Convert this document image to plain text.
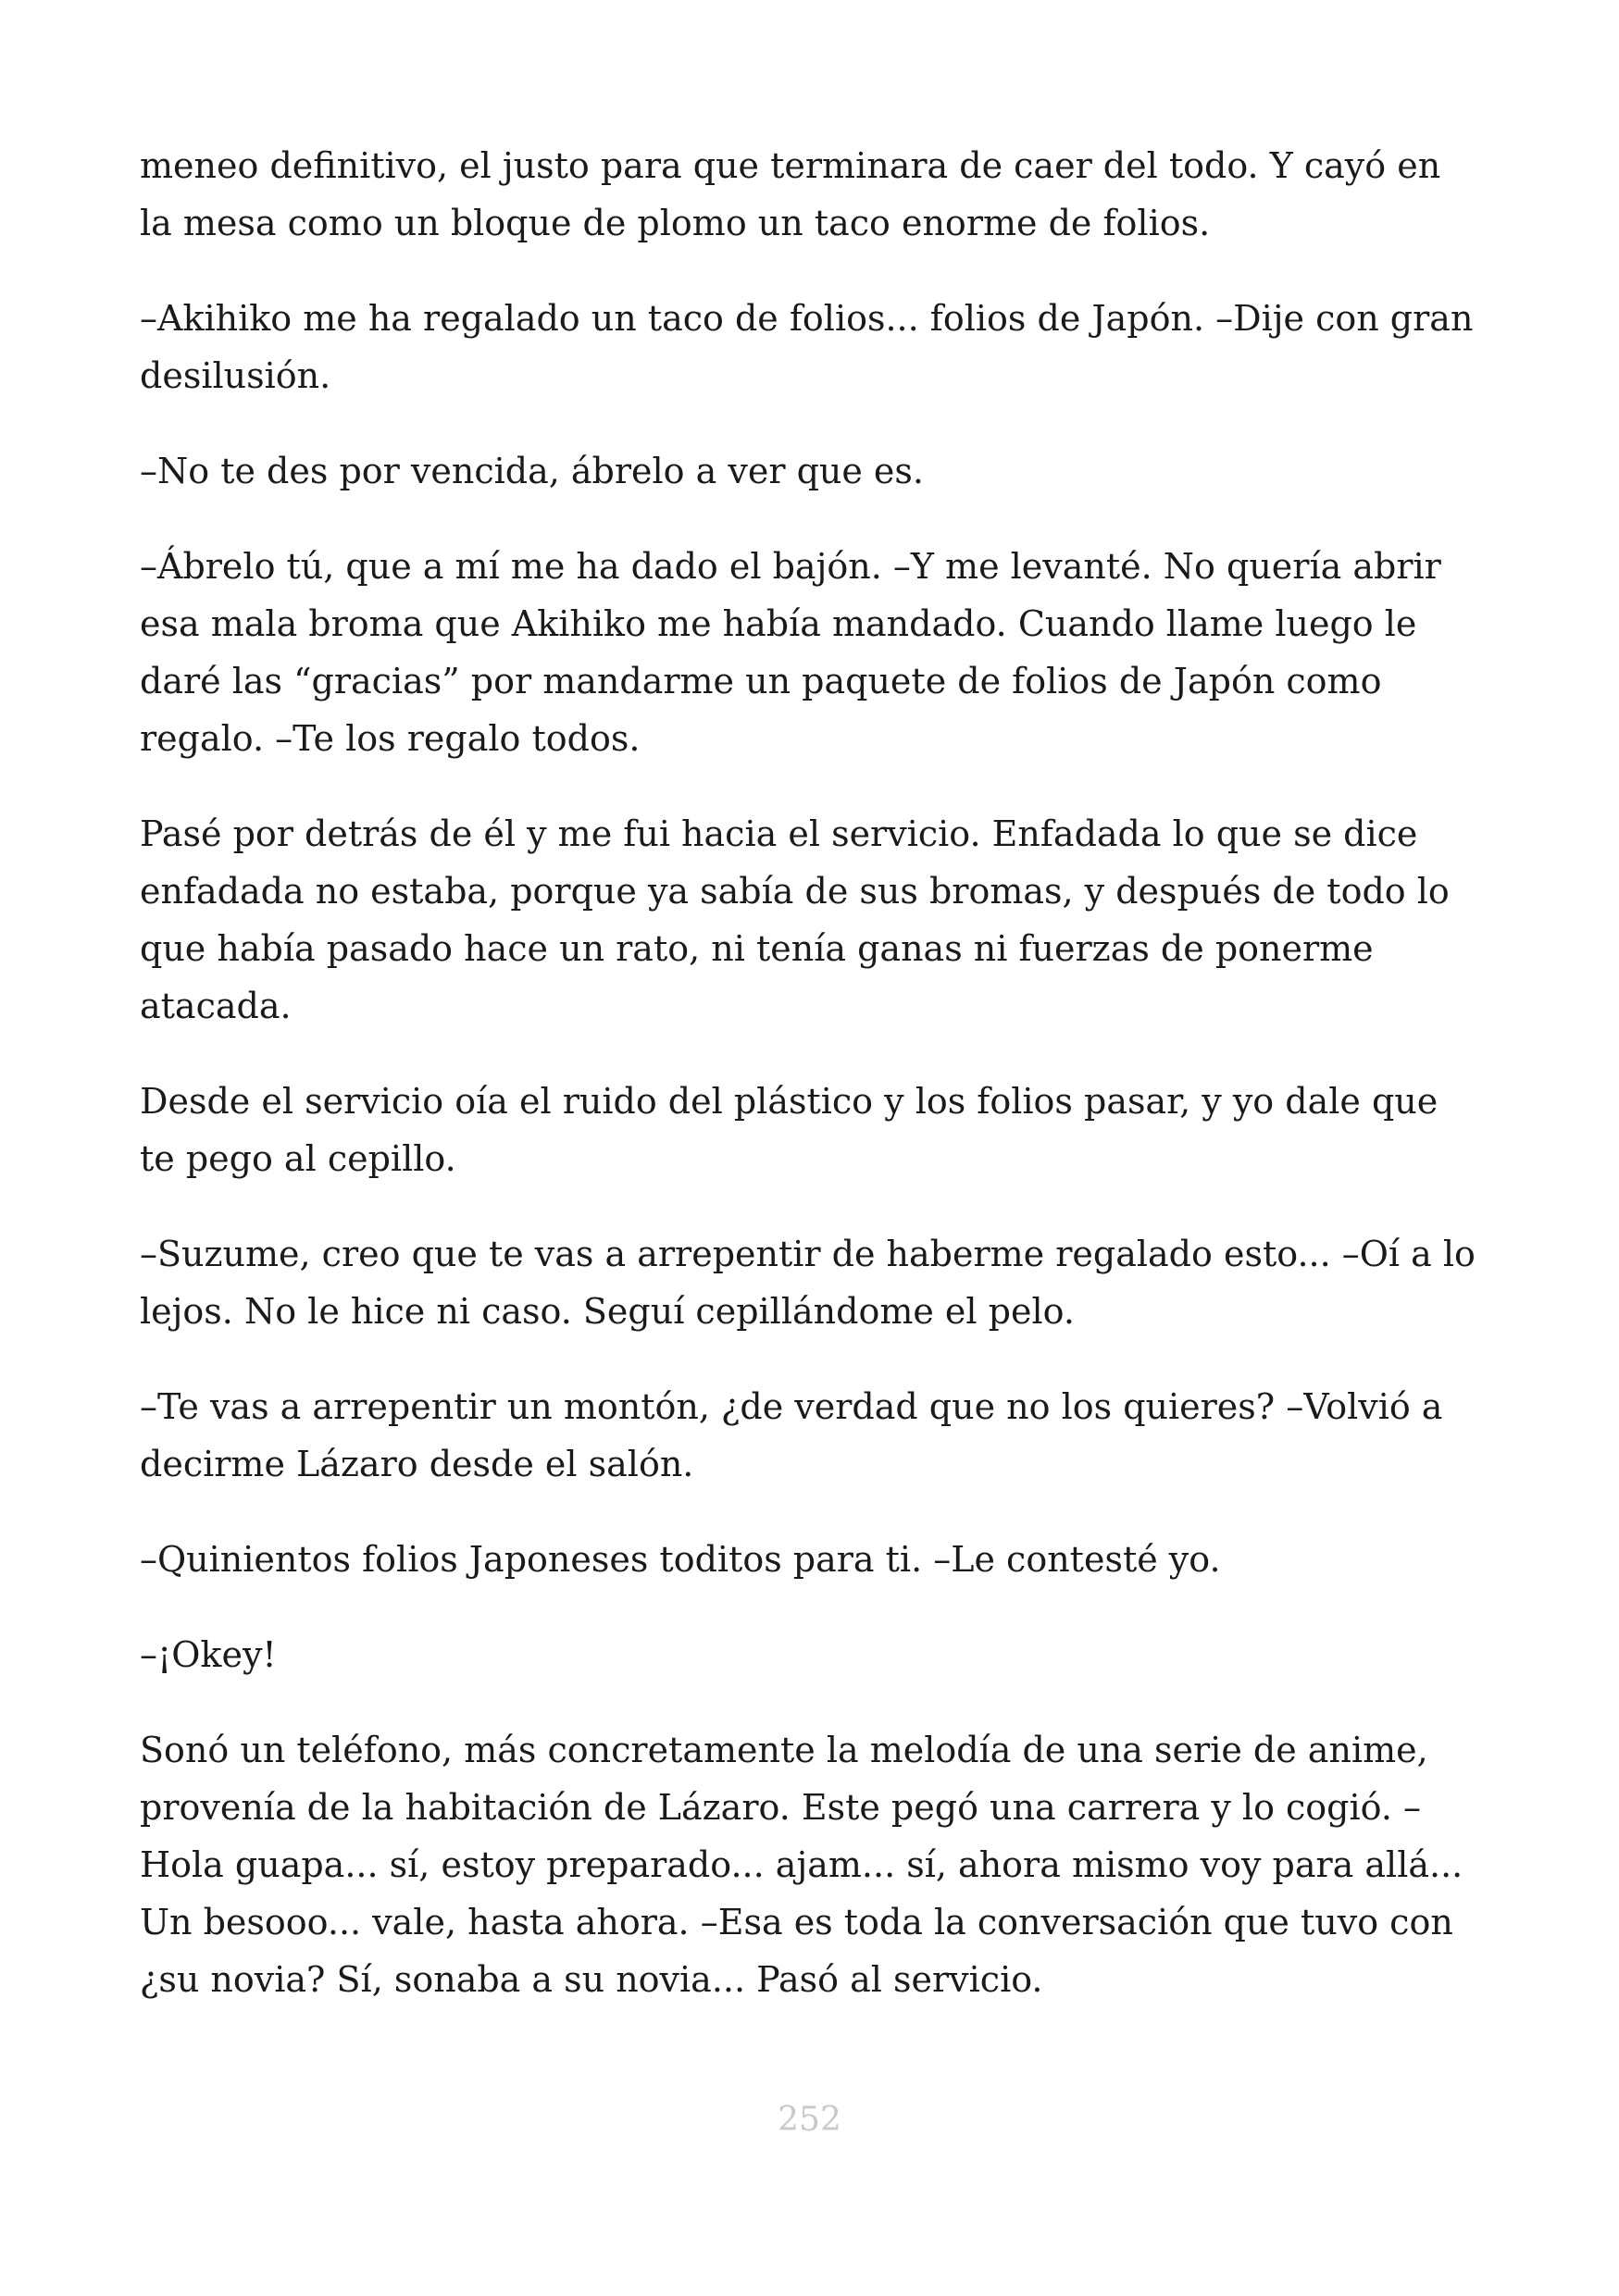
meneo definitivo, el justo para que terminara de caer del todo. Y cayó en
la mesa como un bloque de plomo un taco enorme de folios.

–Akihiko me ha regalado un taco de folios... folios de Japón. –Dije con gran
desilusión.

–No te des por vencida, ábrelo a ver que es.

–Ábrelo tú, que a mí me ha dado el bajón. –Y me levanté. No quería abrir
esa mala broma que Akihiko me había mandado. Cuando llame luego le
daré las “gracias” por mandarme un paquete de folios de Japón como
regalo. –Te los regalo todos.

Pasé por detrás de él y me fui hacia el servicio. Enfadada lo que se dice
enfadada no estaba, porque ya sabía de sus bromas, y después de todo lo
que había pasado hace un rato, ni tenía ganas ni fuerzas de ponerme
atacada.

Desde el servicio oía el ruido del plástico y los folios pasar, y yo dale que
te pego al cepillo.

–Suzume, creo que te vas a arrepentir de haberme regalado esto... –Oí a lo
lejos. No le hice ni caso. Seguí cepillándome el pelo.

–Te vas a arrepentir un montón, ¿de verdad que no los quieres? –Volvió a
decirme Lázaro desde el salón.

–Quinientos folios Japoneses toditos para ti. –Le contesté yo.

–¡Okey!

Sonó un teléfono, más concretamente la melodía de una serie de anime,
provenía de la habitación de Lázaro. Este pegó una carrera y lo cogió. –
Hola guapa... sí, estoy preparado... ajam... sí, ahora mismo voy para allá...
Un besooo... vale, hasta ahora. –Esa es toda la conversación que tuvo con
¿su novia? Sí, sonaba a su novia... Pasó al servicio.

252
